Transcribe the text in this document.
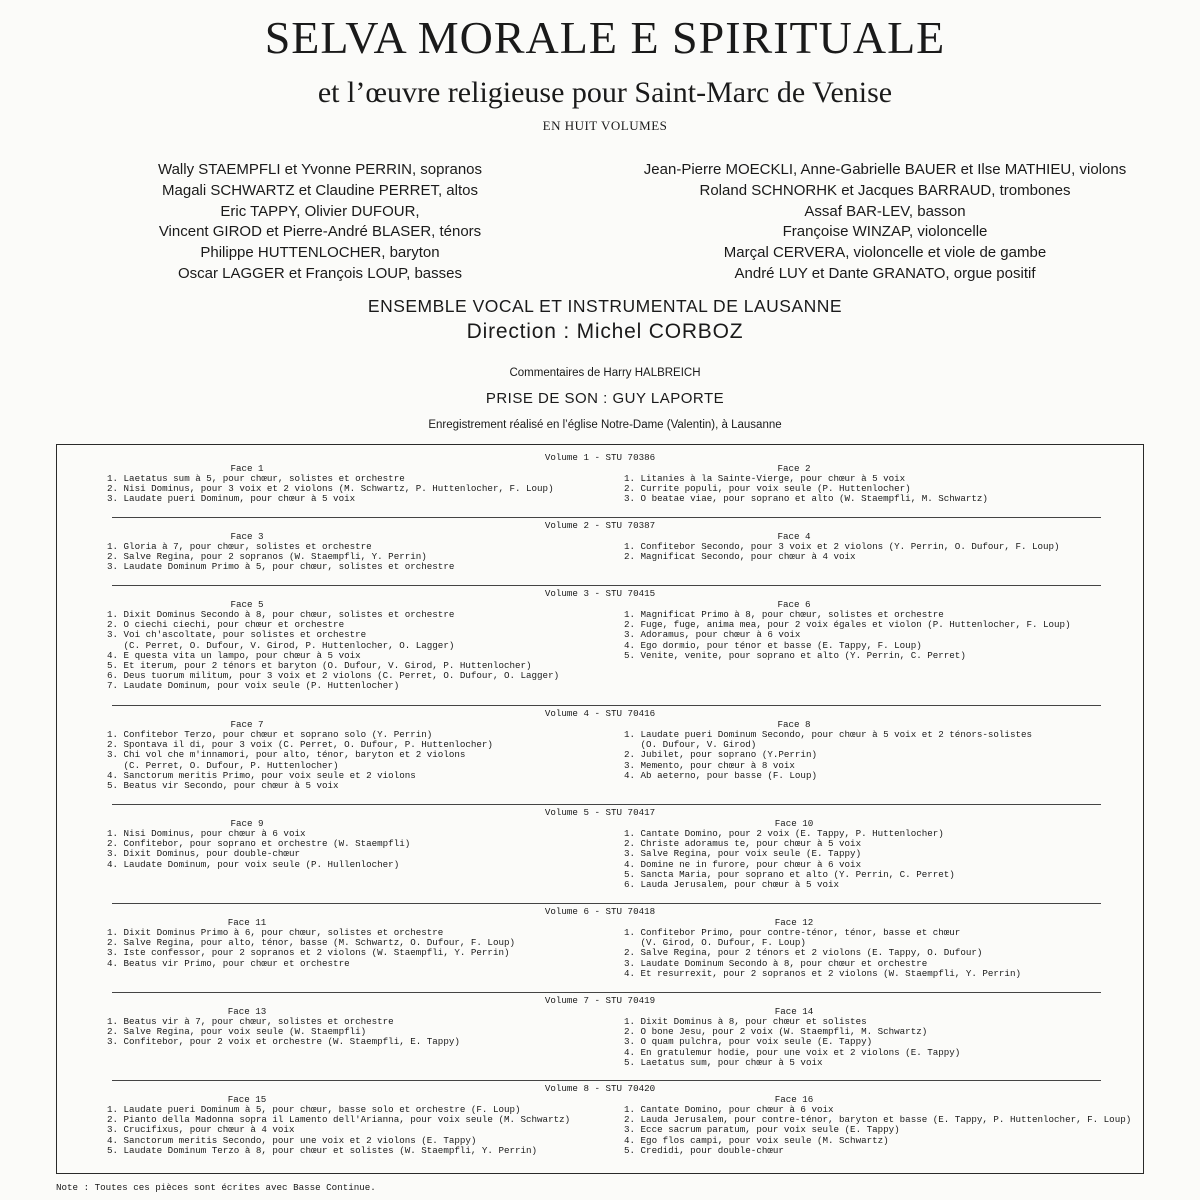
SELVA MORALE E SPIRITUALE
et l’œuvre religieuse pour Saint-Marc de Venise
EN HUIT VOLUMES
Wally STAEMPFLI et Yvonne PERRIN, sopranos
Magali SCHWARTZ et Claudine PERRET, altos
Eric TAPPY, Olivier DUFOUR,
Vincent GIROD et Pierre-André BLASER, ténors
Philippe HUTTENLOCHER, baryton
Oscar LAGGER et François LOUP, basses
Jean-Pierre MOECKLI, Anne-Gabrielle BAUER et Ilse MATHIEU, violons
Roland SCHNORHK et Jacques BARRAUD, trombones
Assaf BAR-LEV, basson
Françoise WINZAP, violoncelle
Marçal CERVERA, violoncelle et viole de gambe
André LUY et Dante GRANATO, orgue positif
ENSEMBLE VOCAL ET INSTRUMENTAL DE LAUSANNE
Direction : Michel CORBOZ
Commentaires de Harry HALBREICH
PRISE DE SON : GUY LAPORTE
Enregistrement réalisé en l’église Notre-Dame (Valentin), à Lausanne
Volume 1 - STU 70386
Face 1
1. Laetatus sum à 5, pour chœur, solistes et orchestre
2. Nisi Dominus, pour 3 voix et 2 violons (M. Schwartz, P. Huttenlocher, F. Loup)
3. Laudate pueri Dominum, pour chœur à 5 voix
Face 2
1. Litanies à la Sainte-Vierge, pour chœur à 5 voix
2. Currite populi, pour voix seule (P. Huttenlocher)
3. O beatae viae, pour soprano et alto (W. Staempfli, M. Schwartz)
Volume 2 - STU 70387
Face 3
1. Gloria à 7, pour chœur, solistes et orchestre
2. Salve Regina, pour 2 sopranos (W. Staempfli, Y. Perrin)
3. Laudate Dominum Primo à 5, pour chœur, solistes et orchestre
Face 4
1. Confitebor Secondo, pour 3 voix et 2 violons (Y. Perrin, O. Dufour, F. Loup)
2. Magnificat Secondo, pour chœur à 4 voix
Volume 3 - STU 70415
Face 5
1. Dixit Dominus Secondo à 8, pour chœur, solistes et orchestre
2. O ciechi ciechi, pour chœur et orchestre
3. Voi ch'ascoltate, pour solistes et orchestre
(C. Perret, O. Dufour, V. Girod, P. Huttenlocher, O. Lagger)
4. E questa vita un lampo, pour chœur à 5 voix
5. Et iterum, pour 2 ténors et baryton (O. Dufour, V. Girod, P. Huttenlocher)
6. Deus tuorum militum, pour 3 voix et 2 violons (C. Perret, O. Dufour, O. Lagger)
7. Laudate Dominum, pour voix seule (P. Huttenlocher)
Face 6
1. Magnificat Primo à 8, pour chœur, solistes et orchestre
2. Fuge, fuge, anima mea, pour 2 voix égales et violon (P. Huttenlocher, F. Loup)
3. Adoramus, pour chœur à 6 voix
4. Ego dormio, pour ténor et basse (E. Tappy, F. Loup)
5. Venite, venite, pour soprano et alto (Y. Perrin, C. Perret)
Volume 4 - STU 70416
Face 7
1. Confitebor Terzo, pour chœur et soprano solo (Y. Perrin)
2. Spontava il di, pour 3 voix (C. Perret, O. Dufour, P. Huttenlocher)
3. Chi vol che m'innamori, pour alto, ténor, baryton et 2 violons
(C. Perret, O. Dufour, P. Huttenlocher)
4. Sanctorum meritis Primo, pour voix seule et 2 violons
5. Beatus vir Secondo, pour chœur à 5 voix
Face 8
1. Laudate pueri Dominum Secondo, pour chœur à 5 voix et 2 ténors-solistes
(O. Dufour, V. Girod)
2. Jubilet, pour soprano (Y.Perrin)
3. Memento, pour chœur à 8 voix
4. Ab aeterno, pour basse (F. Loup)
Volume 5 - STU 70417
Face 9
1. Nisi Dominus, pour chœur à 6 voix
2. Confitebor, pour soprano et orchestre (W. Staempfli)
3. Dixit Dominus, pour double-chœur
4. Laudate Dominum, pour voix seule (P. Hullenlocher)
Face 10
1. Cantate Domino, pour 2 voix (E. Tappy, P. Huttenlocher)
2. Christe adoramus te, pour chœur à 5 voix
3. Salve Regina, pour voix seule (E. Tappy)
4. Domine ne in furore, pour chœur à 6 voix
5. Sancta Maria, pour soprano et alto (Y. Perrin, C. Perret)
6. Lauda Jerusalem, pour chœur à 5 voix
Volume 6 - STU 70418
Face 11
1. Dixit Dominus Primo à 6, pour chœur, solistes et orchestre
2. Salve Regina, pour alto, ténor, basse (M. Schwartz, O. Dufour, F. Loup)
3. Iste confessor, pour 2 sopranos et 2 violons (W. Staempfli, Y. Perrin)
4. Beatus vir Primo, pour chœur et orchestre
Face 12
1. Confitebor Primo, pour contre-ténor, ténor, basse et chœur
(V. Girod, O. Dufour, F. Loup)
2. Salve Regina, pour 2 ténors et 2 violons (E. Tappy, O. Dufour)
3. Laudate Dominum Secondo à 8, pour chœur et orchestre
4. Et resurrexit, pour 2 sopranos et 2 violons (W. Staempfli, Y. Perrin)
Volume 7 - STU 70419
Face 13
1. Beatus vir à 7, pour chœur, solistes et orchestre
2. Salve Regina, pour voix seule (W. Staempfli)
3. Confitebor, pour 2 voix et orchestre (W. Staempfli, E. Tappy)
Face 14
1. Dixit Dominus à 8, pour chœur et solistes
2. O bone Jesu, pour 2 voix (W. Staempfli, M. Schwartz)
3. O quam pulchra, pour voix seule (E. Tappy)
4. En gratulemur hodie, pour une voix et 2 violons (E. Tappy)
5. Laetatus sum, pour chœur à 5 voix
Volume 8 - STU 70420
Face 15
1. Laudate pueri Dominum à 5, pour chœur, basse solo et orchestre (F. Loup)
2. Pianto della Madonna sopra il Lamento dell'Arianna, pour voix seule (M. Schwartz)
3. Crucifixus, pour chœur à 4 voix
4. Sanctorum meritis Secondo, pour une voix et 2 violons (E. Tappy)
5. Laudate Dominum Terzo à 8, pour chœur et solistes (W. Staempfli, Y. Perrin)
Face 16
1. Cantate Domino, pour chœur à 6 voix
2. Lauda Jerusalem, pour contre-ténor, baryton et basse (E. Tappy, P. Huttenlocher, F. Loup)
3. Ecce sacrum paratum, pour voix seule (E. Tappy)
4. Ego flos campi, pour voix seule (M. Schwartz)
5. Credidi, pour double-chœur
Note : Toutes ces pièces sont écrites avec Basse Continue.
